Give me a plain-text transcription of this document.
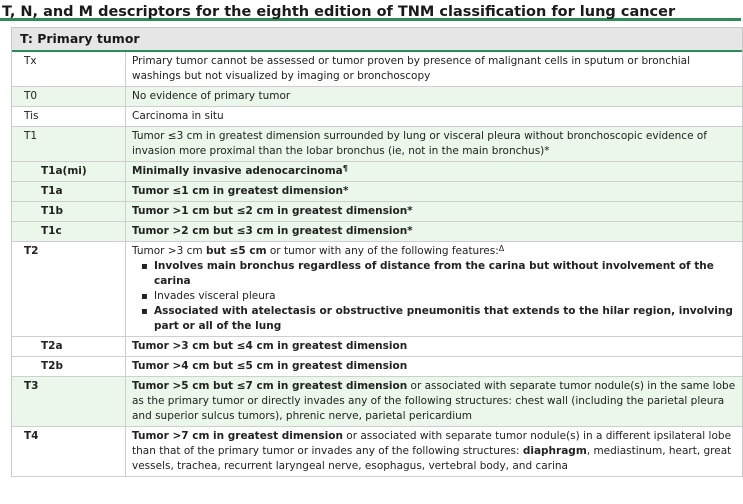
T, N, and M descriptors for the eighth edition of TNM classification for lung cancer
T: Primary tumor
Tx	Primary tumor cannot be assessed or tumor proven by presence of malignant cells in sputum or bronchial washings but not visualized by imaging or bronchoscopy
T0	No evidence of primary tumor
Tis	Carcinoma in situ
T1	Tumor ≤3 cm in greatest dimension surrounded by lung or visceral pleura without bronchoscopic evidence of invasion more proximal than the lobar bronchus (ie, not in the main bronchus)*
T1a(mi)	Minimally invasive adenocarcinoma¶
T1a	Tumor ≤1 cm in greatest dimension*
T1b	Tumor >1 cm but ≤2 cm in greatest dimension*
T1c	Tumor >2 cm but ≤3 cm in greatest dimension*
T2	Tumor >3 cm but ≤5 cm or tumor with any of the following features:$^\Delta$
▪ Involves main bronchus regardless of distance from the carina but without involvement of the carina
▪ Invades visceral pleura
▪ Associated with atelectasis or obstructive pneumonitis that extends to the hilar region, involving part or all of the lung
T2a	Tumor >3 cm but ≤4 cm in greatest dimension
T2b	Tumor >4 cm but ≤5 cm in greatest dimension
T3	Tumor >5 cm but ≤7 cm in greatest dimension or associated with separate tumor nodule(s) in the same lobe as the primary tumor or directly invades any of the following structures: chest wall (including the parietal pleura and superior sulcus tumors), phrenic nerve, parietal pericardium
T4	Tumor >7 cm in greatest dimension or associated with separate tumor nodule(s) in a different ipsilateral lobe than that of the primary tumor or invades any of the following structures: diaphragm, mediastinum, heart, great vessels, trachea, recurrent laryngeal nerve, esophagus, vertebral body, and carina
